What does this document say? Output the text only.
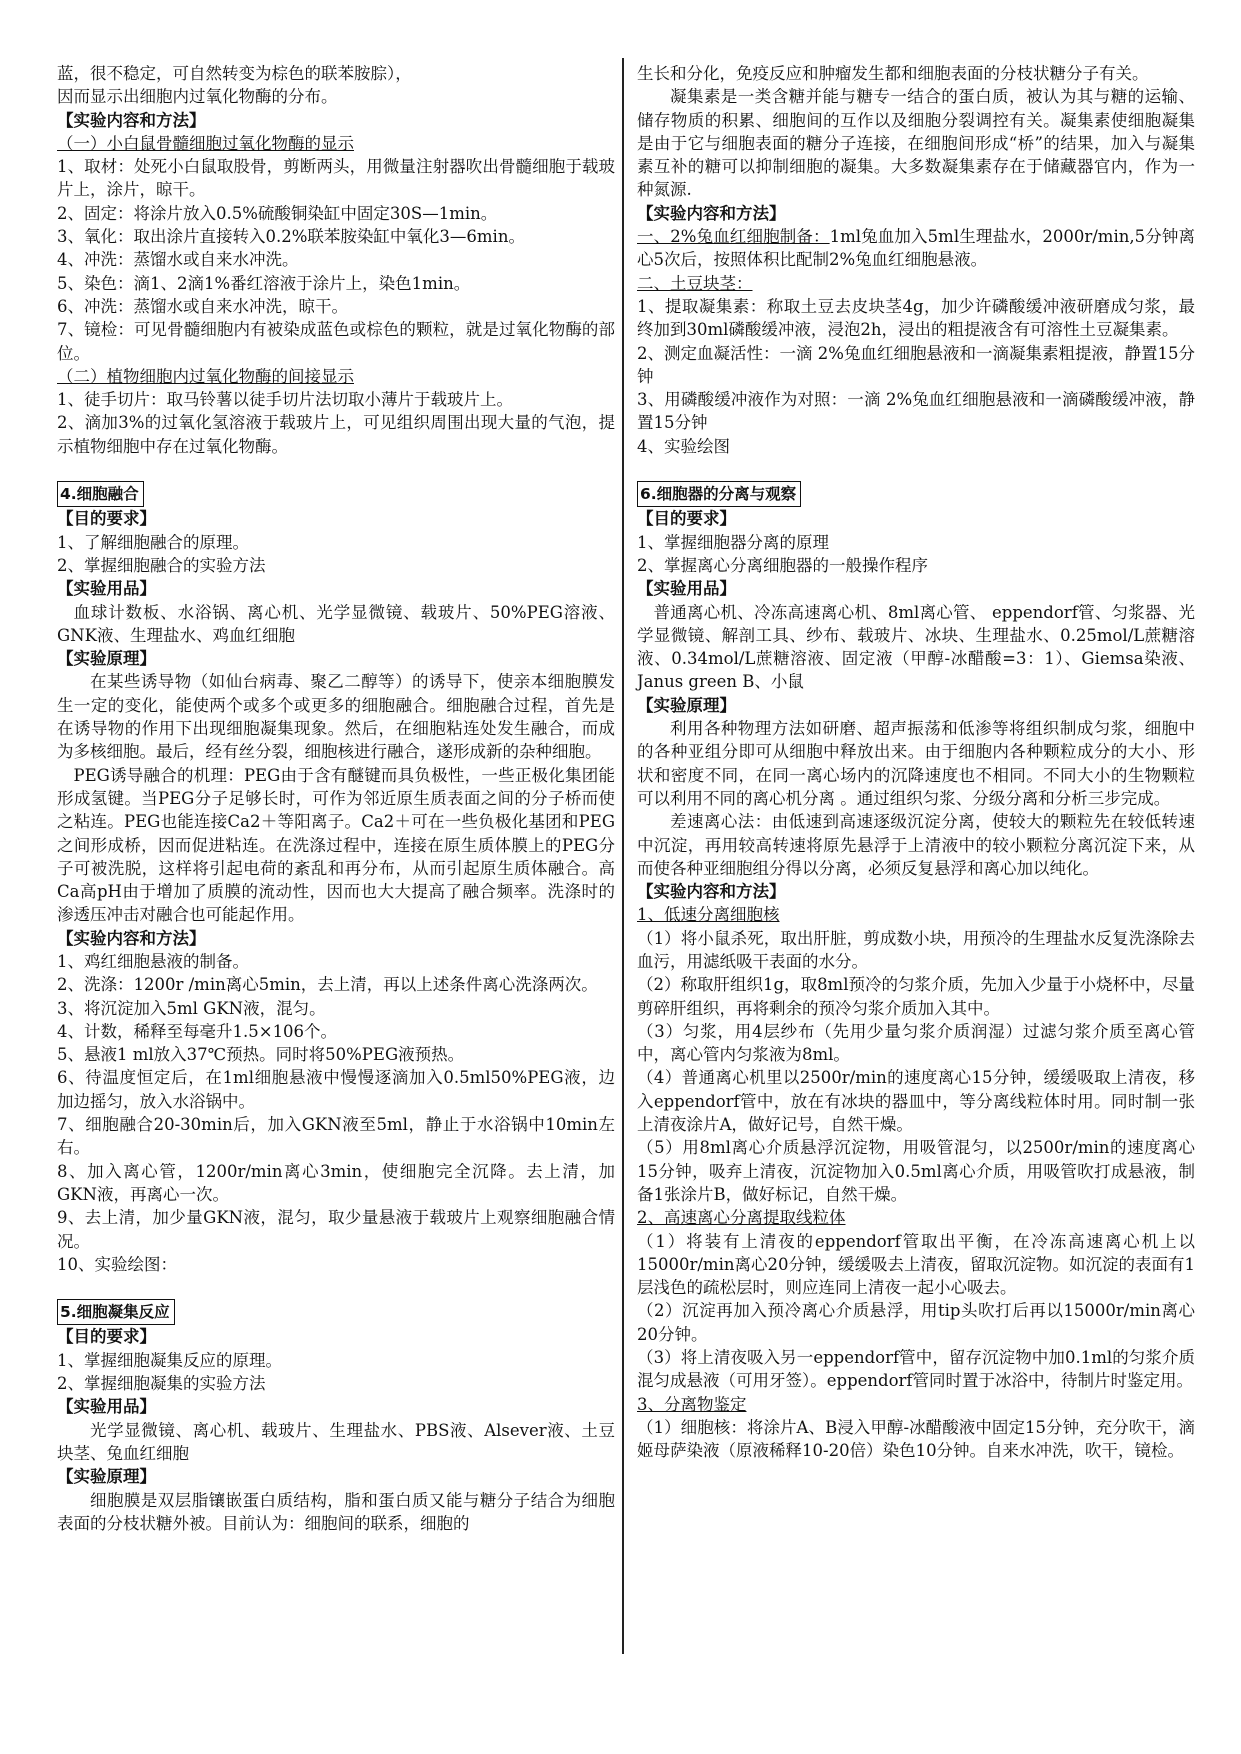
蓝，很不稳定，可自然转变为棕色的联苯胺腙），

因而显示出细胞内过氧化物酶的分布。

【实验内容和方法】

（一）小白鼠骨髓细胞过氧化物酶的显示

1、取材：处死小白鼠取股骨，剪断两头，用微量注射器吹出骨髓细胞于载玻片上，涂片，晾干。

2、固定：将涂片放入0.5%硫酸铜染缸中固定30S—1min。

3、氧化：取出涂片直接转入0.2%联苯胺染缸中氧化3—6min。

4、冲洗：蒸馏水或自来水冲洗。

5、染色：滴1、2滴1%番红溶液于涂片上，染色1min。

6、冲洗：蒸馏水或自来水冲洗，晾干。

7、镜检：可见骨髓细胞内有被染成蓝色或棕色的颗粒，就是过氧化物酶的部位。

（二）植物细胞内过氧化物酶的间接显示

1、徒手切片：取马铃薯以徒手切片法切取小薄片于载玻片上。

2、滴加3%的过氧化氢溶液于载玻片上，可见组织周围出现大量的气泡，提示植物细胞中存在过氧化物酶。

4.细胞融合

【目的要求】

1、了解细胞融合的原理。

2、掌握细胞融合的实验方法

【实验用品】

血球计数板、水浴锅、离心机、光学显微镜、载玻片、50%PEG溶液、GNK液、生理盐水、鸡血红细胞

【实验原理】

在某些诱导物（如仙台病毒、聚乙二醇等）的诱导下，使亲本细胞膜发生一定的变化，能使两个或多个或更多的细胞融合。细胞融合过程，首先是在诱导物的作用下出现细胞凝集现象。然后，在细胞粘连处发生融合，而成为多核细胞。最后，经有丝分裂，细胞核进行融合，遂形成新的杂种细胞。

PEG诱导融合的机理：PEG由于含有醚键而具负极性，一些正极化集团能形成氢键。当PEG分子足够长时，可作为邻近原生质表面之间的分子桥而使之粘连。PEG也能连接Ca2＋等阳离子。Ca2＋可在一些负极化基团和PEG之间形成桥，因而促进粘连。在洗涤过程中，连接在原生质体膜上的PEG分子可被洗脱，这样将引起电荷的紊乱和再分布，从而引起原生质体融合。高Ca高pH由于增加了质膜的流动性，因而也大大提高了融合频率。洗涤时的渗透压冲击对融合也可能起作用。

【实验内容和方法】

1、鸡红细胞悬液的制备。

2、洗涤：1200r /min离心5min，去上清，再以上述条件离心洗涤两次。

3、将沉淀加入5ml GKN液，混匀。

4、计数，稀释至每毫升1.5×106个。

5、悬液1 ml放入37℃预热。同时将50%PEG液预热。

6、待温度恒定后，在1ml细胞悬液中慢慢逐滴加入0.5ml50%PEG液，边加边摇匀，放入水浴锅中。

7、细胞融合20-30min后，加入GKN液至5ml，静止于水浴锅中10min左右。

8、加入离心管，1200r/min离心3min，使细胞完全沉降。去上清，加GKN液，再离心一次。

9、去上清，加少量GKN液，混匀，取少量悬液于载玻片上观察细胞融合情况。

10、实验绘图：

5.细胞凝集反应

【目的要求】

1、掌握细胞凝集反应的原理。

2、掌握细胞凝集的实验方法

【实验用品】

光学显微镜、离心机、载玻片、生理盐水、PBS液、Alsever液、土豆块茎、兔血红细胞

【实验原理】

细胞膜是双层脂镶嵌蛋白质结构，脂和蛋白质又能与糖分子结合为细胞表面的分枝状糖外被。目前认为：细胞间的联系，细胞的

生长和分化，免疫反应和肿瘤发生都和细胞表面的分枝状糖分子有关。

凝集素是一类含糖并能与糖专一结合的蛋白质，被认为其与糖的运输、储存物质的积累、细胞间的互作以及细胞分裂调控有关。凝集素使细胞凝集是由于它与细胞表面的糖分子连接，在细胞间形成“桥”的结果，加入与凝集素互补的糖可以抑制细胞的凝集。大多数凝集素存在于储藏器官内，作为一种氮源.

【实验内容和方法】

一、2%兔血红细胞制备：1ml兔血加入5ml生理盐水，2000r/min,5分钟离心5次后，按照体积比配制2%兔血红细胞悬液。

二、土豆块茎：

1、提取凝集素：称取土豆去皮块茎4g，加少许磷酸缓冲液研磨成匀浆，最终加到30ml磷酸缓冲液，浸泡2h，浸出的粗提液含有可溶性土豆凝集素。

2、测定血凝活性：一滴 2%兔血红细胞悬液和一滴凝集素粗提液，静置15分钟

3、用磷酸缓冲液作为对照：一滴 2%兔血红细胞悬液和一滴磷酸缓冲液，静置15分钟

4、实验绘图

6.细胞器的分离与观察

【目的要求】

1、掌握细胞器分离的原理

2、掌握离心分离细胞器的一般操作程序

【实验用品】

普通离心机、冷冻高速离心机、8ml离心管、 eppendorf管、匀浆器、光学显微镜、解剖工具、纱布、载玻片、冰块、生理盐水、0.25mol/L蔗糖溶液、0.34mol/L蔗糖溶液、固定液（甲醇-冰醋酸=3：1）、Giemsa染液、 Janus green B、小鼠

【实验原理】

利用各种物理方法如研磨、超声振荡和低渗等将组织制成匀浆，细胞中的各种亚组分即可从细胞中释放出来。由于细胞内各种颗粒成分的大小、形状和密度不同，在同一离心场内的沉降速度也不相同。不同大小的生物颗粒可以利用不同的离心机分离 。通过组织匀浆、分级分离和分析三步完成。

差速离心法：由低速到高速逐级沉淀分离，使较大的颗粒先在较低转速中沉淀，再用较高转速将原先悬浮于上清液中的较小颗粒分离沉淀下来，从而使各种亚细胞组分得以分离，必须反复悬浮和离心加以纯化。

【实验内容和方法】

1、低速分离细胞核

（1）将小鼠杀死，取出肝脏，剪成数小块，用预冷的生理盐水反复洗涤除去血污，用滤纸吸干表面的水分。

（2）称取肝组织1g，取8ml预冷的匀浆介质，先加入少量于小烧杯中，尽量剪碎肝组织，再将剩余的预冷匀浆介质加入其中。

（3）匀浆，用4层纱布（先用少量匀浆介质润湿）过滤匀浆介质至离心管中，离心管内匀浆液为8ml。

（4）普通离心机里以2500r/min的速度离心15分钟，缓缓吸取上清夜，移入eppendorf管中，放在有冰块的器皿中，等分离线粒体时用。同时制一张上清夜涂片A，做好记号，自然干燥。

（5）用8ml离心介质悬浮沉淀物，用吸管混匀，以2500r/min的速度离心15分钟，吸弃上清夜，沉淀物加入0.5ml离心介质，用吸管吹打成悬液，制备1张涂片B，做好标记，自然干燥。

2、高速离心分离提取线粒体

（1）将装有上清夜的eppendorf管取出平衡，在冷冻高速离心机上以15000r/min离心20分钟，缓缓吸去上清夜，留取沉淀物。如沉淀的表面有1层浅色的疏松层时，则应连同上清夜一起小心吸去。

（2）沉淀再加入预冷离心介质悬浮，用tip头吹打后再以15000r/min离心20分钟。

（3）将上清夜吸入另一eppendorf管中，留存沉淀物中加0.1ml的匀浆介质混匀成悬液（可用牙签）。eppendorf管同时置于冰浴中，待制片时鉴定用。

3、分离物鉴定

（1）细胞核：将涂片A、B浸入甲醇-冰醋酸液中固定15分钟，充分吹干，滴姬母萨染液（原液稀释10-20倍）染色10分钟。自来水冲洗，吹干，镜检。
